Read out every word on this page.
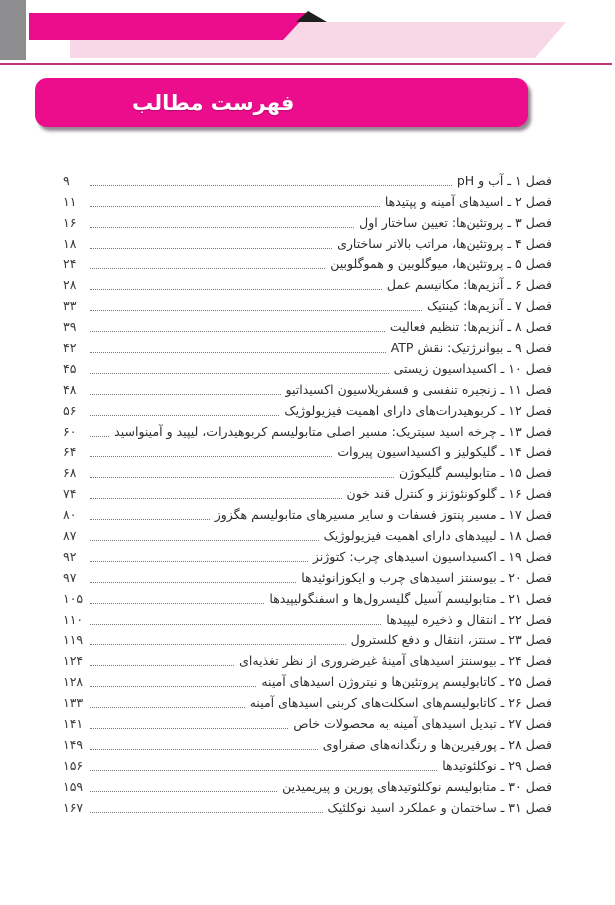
فهرست مطالب
۹	فصل ۱ ـ آب و pH
۱۱	فصل ۲ ـ اسیدهای آمینه و پپتیدها
۱۶	فصل ۳ ـ پروتئین‌ها: تعیین ساختار اول
۱۸	فصل ۴ ـ پروتئین‌ها، مراتب بالاتر ساختاری
۲۴	فصل ۵ ـ پروتئین‌ها، میوگلوبین و هموگلوبین
۲۸	فصل ۶ ـ آنزیم‌ها: مکانیسم عمل
۳۳	فصل ۷ ـ آنزیم‌ها: کینتیک
۳۹	فصل ۸ ـ آنزیم‌ها: تنظیم فعالیت
۴۲	فصل ۹ ـ بیوانرژتیک: نقش ATP
۴۵	فصل ۱۰ ـ اکسیداسیون زیستی
۴۸	فصل ۱۱ ـ زنجیره تنفسی و فسفریلاسیون اکسیداتیو
۵۶	فصل ۱۲ ـ کربوهیدرات‌های دارای اهمیت فیزیولوژیک
۶۰	فصل ۱۳ ـ چرخه اسید سیتریک: مسیر اصلی متابولیسم کربوهیدرات، لیپید و آمینواسید
۶۴	فصل ۱۴ ـ گلیکولیز و اکسیداسیون پیروات
۶۸	فصل ۱۵ ـ متابولیسم گلیکوژن
۷۴	فصل ۱۶ ـ گلوکونئوژنز و کنترل قند خون
۸۰	فصل ۱۷ ـ مسیر پنتوز فسفات و سایر مسیرهای متابولیسم هگزوز
۸۷	فصل ۱۸ ـ لیپیدهای دارای اهمیت فیزیولوژیک
۹۲	فصل ۱۹ ـ اکسیداسیون اسیدهای چرب: کتوژنز
۹۷	فصل ۲۰ ـ بیوسنتز اسیدهای چرب و ایکوزانوئیدها
۱۰۵	فصل ۲۱ ـ متابولیسم آسیل گلیسرول‌ها و اسفنگولیپیدها
۱۱۰	فصل ۲۲ ـ انتقال و ذخیره لیپیدها
۱۱۹	فصل ۲۳ ـ سنتز، انتقال و دفع کلسترول
۱۲۴	فصل ۲۴ ـ بیوسنتز اسیدهای آمینهٔ غیرضروری از نظر تغذیه‌ای
۱۲۸	فصل ۲۵ ـ کاتابولیسم پروتئین‌ها و نیتروژن اسیدهای آمینه
۱۳۳	فصل ۲۶ ـ کاتابولیسم‌های اسکلت‌های کربنی اسیدهای آمینه
۱۴۱	فصل ۲۷ ـ تبدیل اسیدهای آمینه به محصولات خاص
۱۴۹	فصل ۲۸ ـ پورفیرین‌ها و رنگدانه‌های صفراوی
۱۵۶	فصل ۲۹ ـ نوکلئوتیدها
۱۵۹	فصل ۳۰ ـ متابولیسم نوکلئوتیدهای پورین و پیریمیدین
۱۶۷	فصل ۳۱ ـ ساختمان و عملکرد اسید نوکلئیک
